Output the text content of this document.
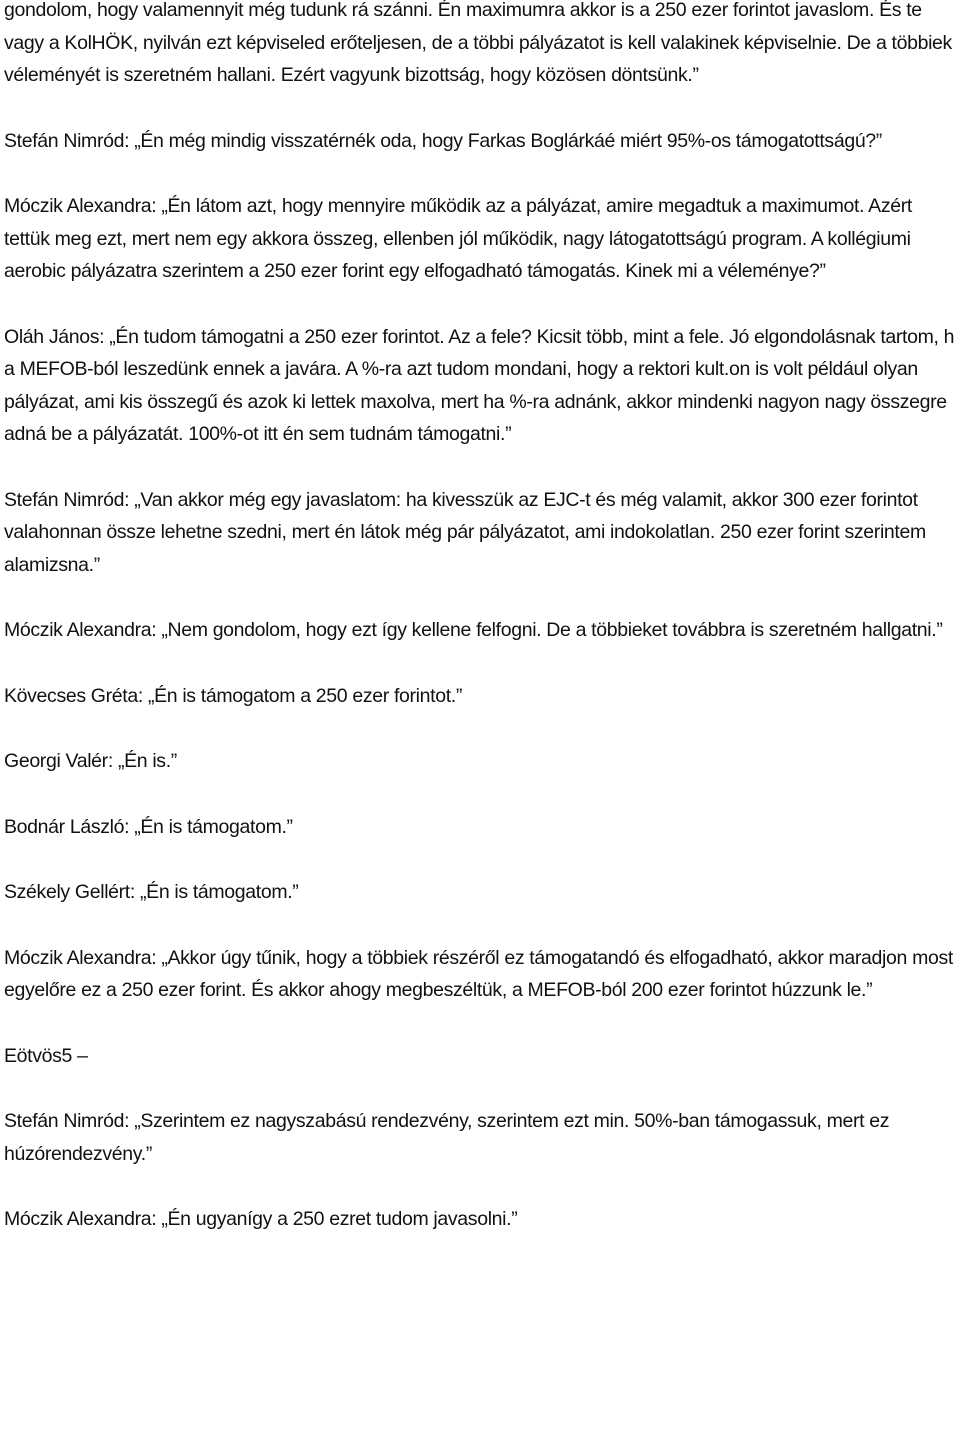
gondolom, hogy valamennyit még tudunk rá szánni. Én maximumra akkor is a 250 ezer forintot javaslom. És te vagy a KolHÖK, nyilván ezt képviseled erőteljesen, de a többi pályázatot is kell valakinek képviselnie. De a többiek véleményét is szeretném hallani. Ezért vagyunk bizottság, hogy közösen döntsünk.”

Stefán Nimród: „Én még mindig visszatérnék oda, hogy Farkas Boglárkáé miért 95%-os támogatottságú?”

Móczik Alexandra: „Én látom azt, hogy mennyire működik az a pályázat, amire megadtuk a maximumot. Azért tettük meg ezt, mert nem egy akkora összeg, ellenben jól működik, nagy látogatottságú program. A kollégiumi aerobic pályázatra szerintem a 250 ezer forint egy elfogadható támogatás. Kinek mi a véleménye?”

Oláh János: „Én tudom támogatni a 250 ezer forintot. Az a fele? Kicsit több, mint a fele. Jó elgondolásnak tartom, h a MEFOB-ból leszedünk ennek a javára. A %-ra azt tudom mondani, hogy a rektori kult.on is volt például olyan pályázat, ami kis összegű és azok ki lettek maxolva, mert ha %-ra adnánk, akkor mindenki nagyon nagy összegre adná be a pályázatát. 100%-ot itt én sem tudnám támogatni.”

Stefán Nimród: „Van akkor még egy javaslatom: ha kivesszük az EJC-t és még valamit, akkor 300 ezer forintot valahonnan össze lehetne szedni, mert én látok még pár pályázatot, ami indokolatlan. 250 ezer forint szerintem alamizsna.”

Móczik Alexandra: „Nem gondolom, hogy ezt így kellene felfogni. De a többieket továbbra is szeretném hallgatni.”

Kövecses Gréta: „Én is támogatom a 250 ezer forintot.”

Georgi Valér: „Én is.”

Bodnár László: „Én is támogatom.”

Székely Gellért: „Én is támogatom.”

Móczik Alexandra: „Akkor úgy tűnik, hogy a többiek részéről ez támogatandó és elfogadható, akkor maradjon most egyelőre ez a 250 ezer forint. És akkor ahogy megbeszéltük, a MEFOB-ból 200 ezer forintot húzzunk le.”

Eötvös5 –

Stefán Nimród: „Szerintem ez nagyszabású rendezvény, szerintem ezt min. 50%-ban támogassuk, mert ez húzórendezvény.”

Móczik Alexandra: „Én ugyanígy a 250 ezret tudom javasolni.”
